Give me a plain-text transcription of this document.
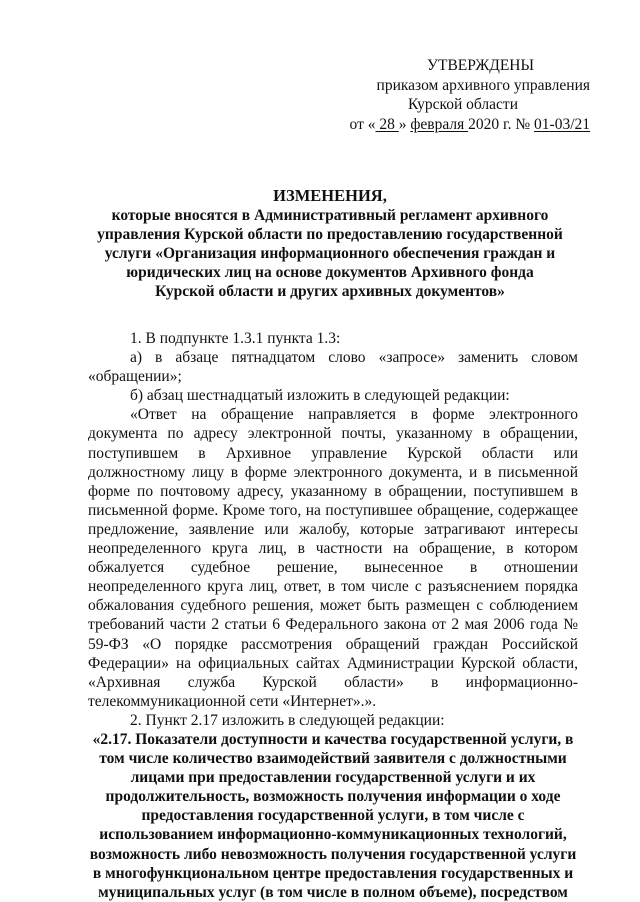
УТВЕРЖДЕНЫ
приказом архивного управления
Курской области
от « 28 » февраля 2020 г. № 01-03/21
ИЗМЕНЕНИЯ,
которые вносятся в Административный регламент архивного управления Курской области по предоставлению государственной услуги «Организация информационного обеспечения граждан и юридических лиц на основе документов Архивного фонда Курской области и других архивных документов»

1. В подпункте 1.3.1 пункта 1.3:

а) в абзаце пятнадцатом слово «запросе» заменить словом «обращении»;

б) абзац шестнадцатый изложить в следующей редакции:

«Ответ на обращение направляется в форме электронного документа по адресу электронной почты, указанному в обращении, поступившем в Архивное управление Курской области или должностному лицу в форме электронного документа, и в письменной форме по почтовому адресу, указанному в обращении, поступившем в письменной форме. Кроме того, на поступившее обращение, содержащее предложение, заявление или жалобу, которые затрагивают интересы неопределенного круга лиц, в частности на обращение, в котором обжалуется судебное решение, вынесенное в отношении неопределенного круга лиц, ответ, в том числе с разъяснением порядка обжалования судебного решения, может быть размещен с соблюдением требований части 2 статьи 6 Федерального закона от 2 мая 2006 года № 59-ФЗ «О порядке рассмотрения обращений граждан Российской Федерации» на официальных сайтах Администрации Курской области, «Архивная служба Курской области» в информационно-телекоммуникационной сети «Интернет».».

2. Пункт 2.17 изложить в следующей редакции:

«2.17. Показатели доступности и качества государственной услуги, в том числе количество взаимодействий заявителя с должностными лицами при предоставлении государственной услуги и их продолжительность, возможность получения информации о ходе предоставления государственной услуги, в том числе с использованием информационно-коммуникационных технологий, возможность либо невозможность получения государственной услуги в многофункциональном центре предоставления государственных и муниципальных услуг (в том числе в полном объеме), посредством
